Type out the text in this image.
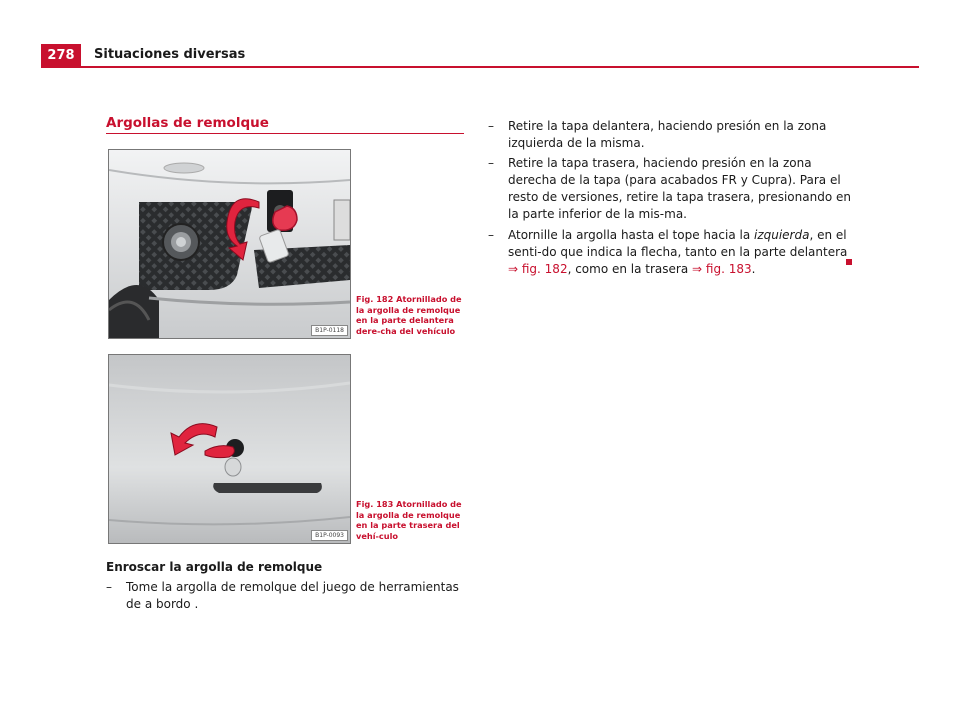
278	Situaciones diversas
Argollas de remolque
B1P-0118
Fig. 182 Atornillado de la argolla de remolque en la parte delantera dere-cha del vehículo
B1P-0093
Fig. 183 Atornillado de la argolla de remolque en la parte trasera del vehí-culo
Enroscar la argolla de remolque
– Tome la argolla de remolque del juego de herramientas de a bordo .
– Retire la tapa delantera, haciendo presión en la zona izquierda de la misma.
– Retire la tapa trasera, haciendo presión en la zona derecha de la tapa (para acabados FR y Cupra). Para el resto de versiones, retire la tapa trasera, presionando en la parte inferior de la mis-ma.
– Atornille la argolla hasta el tope hacia la izquierda, en el senti-do que indica la flecha, tanto en la parte delantera ⇒ fig. 182, como en la trasera ⇒ fig. 183.
